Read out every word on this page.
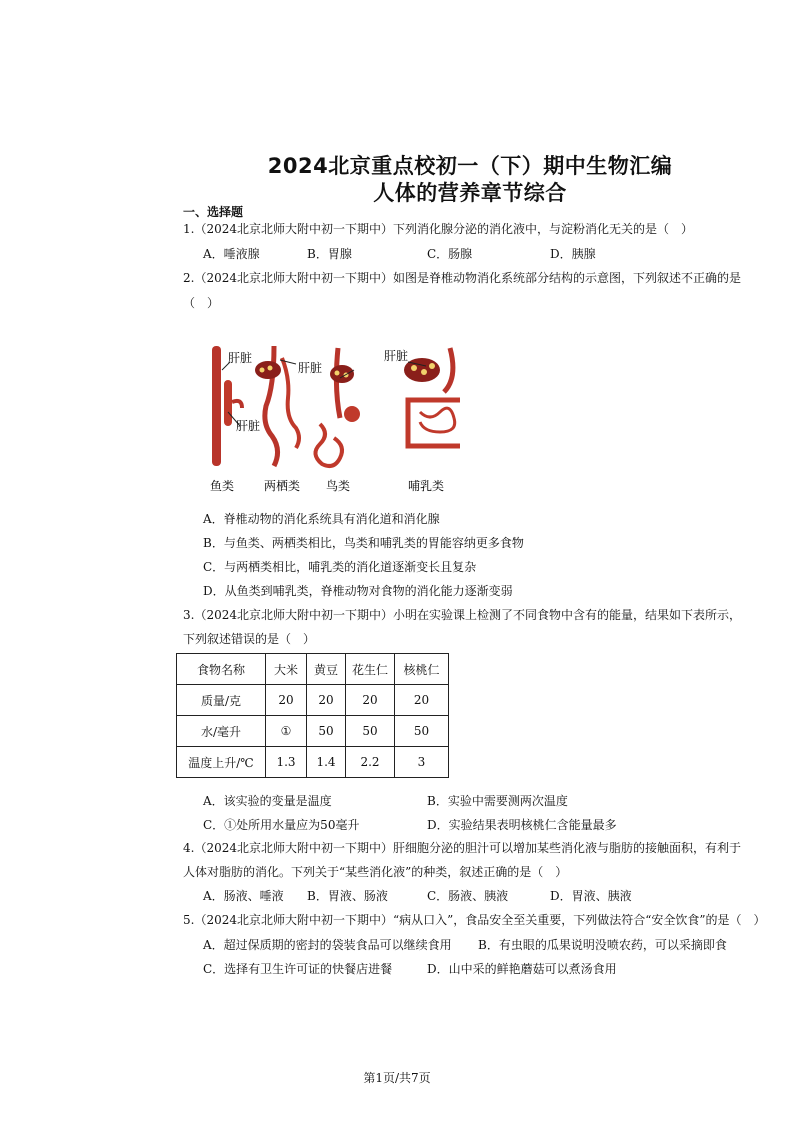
2024北京重点校初一（下）期中生物汇编
人体的营养章节综合
一、选择题
1.（2024北京北师大附中初一下期中）下列消化腺分泌的消化液中，与淀粉消化无关的是（　）
A．唾液腺	B．胃腺	C．肠腺	D．胰腺
2.（2024北京北师大附中初一下期中）如图是脊椎动物消化系统部分结构的示意图，下列叙述不正确的是
（　）
肝脏
肝脏
肝脏
肝脏
鱼类 两栖类 鸟类	哺乳类
A．脊椎动物的消化系统具有消化道和消化腺
B．与鱼类、两栖类相比，鸟类和哺乳类的胃能容纳更多食物
C．与两栖类相比，哺乳类的消化道逐渐变长且复杂
D．从鱼类到哺乳类，脊椎动物对食物的消化能力逐渐变弱
3.（2024北京北师大附中初一下期中）小明在实验课上检测了不同食物中含有的能量，结果如下表所示，
下列叙述错误的是（　）
食物名称	大米	黄豆	花生仁	核桃仁
质量/克	20	20	20	20
水/毫升	①	50	50	50
温度上升/℃	1.3	1.4	2.2	3
A．该实验的变量是温度	B．实验中需要测两次温度
C．①处所用水量应为50毫升	D．实验结果表明核桃仁含能量最多
4.（2024北京北师大附中初一下期中）肝细胞分泌的胆汁可以增加某些消化液与脂肪的接触面积，有利于
人体对脂肪的消化。下列关于“某些消化液”的种类，叙述正确的是（　）
A．肠液、唾液 B．胃液、肠液	C．肠液、胰液	D．胃液、胰液
5.（2024北京北师大附中初一下期中）“病从口入”，食品安全至关重要，下列做法符合“安全饮食”的是（　）
A．超过保质期的密封的袋装食品可以继续食用 B．有虫眼的瓜果说明没喷农药，可以采摘即食
C．选择有卫生许可证的快餐店进餐	D．山中采的鲜艳蘑菇可以煮汤食用
第1页/共7页
